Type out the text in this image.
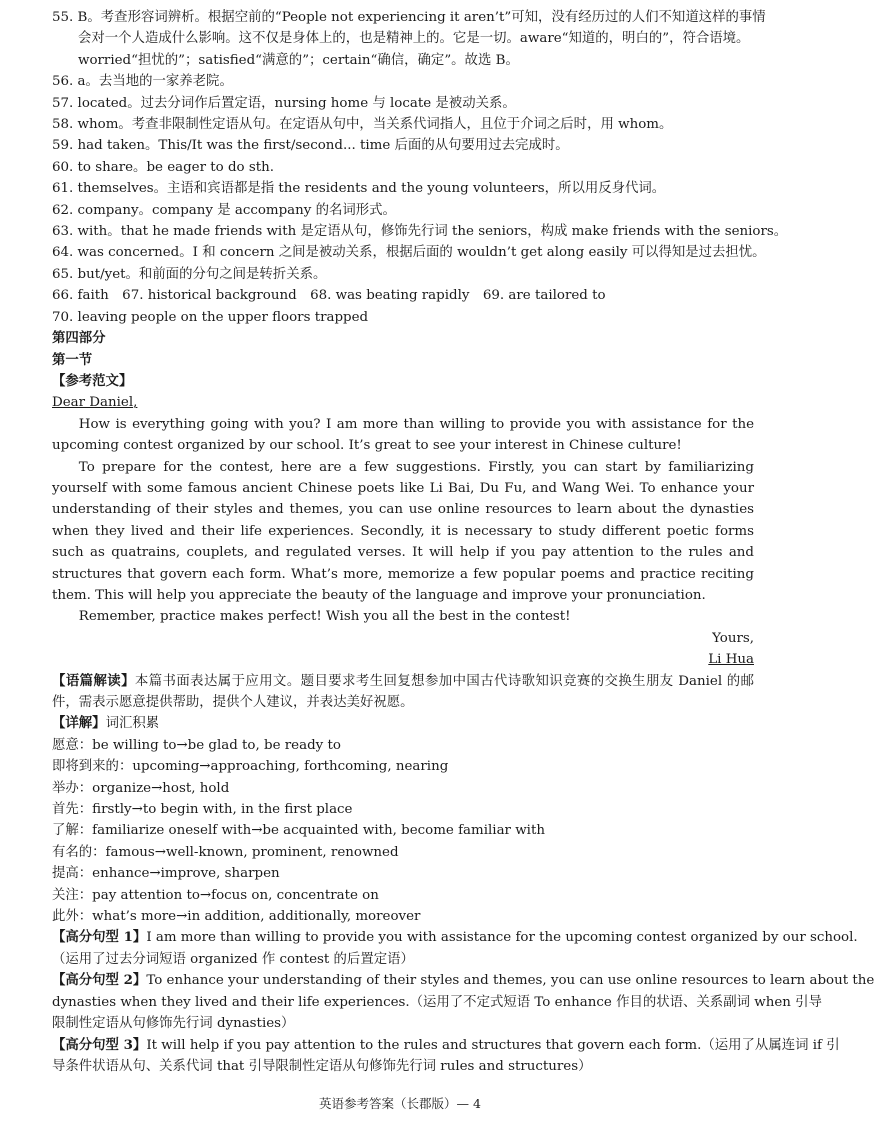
55. B。考查形容词辨析。根据空前的“People not experiencing it aren’t”可知，没有经历过的人们不知道这样的事情
会对一个人造成什么影响。这不仅是身体上的，也是精神上的。它是一切。aware“知道的，明白的”，符合语境。
worried“担忧的”；satisfied“满意的”；certain“确信，确定”。故选 B。
56. a。去当地的一家养老院。
57. located。过去分词作后置定语，nursing home 与 locate 是被动关系。
58. whom。考查非限制性定语从句。在定语从句中，当关系代词指人，且位于介词之后时，用 whom。
59. had taken。This/It was the first/second... time 后面的从句要用过去完成时。
60. to share。be eager to do sth.
61. themselves。主语和宾语都是指 the residents and the young volunteers，所以用反身代词。
62. company。company 是 accompany 的名词形式。
63. with。that he made friends with 是定语从句，修饰先行词 the seniors，构成 make friends with the seniors。
64. was concerned。I 和 concern 之间是被动关系，根据后面的 wouldn’t get along easily 可以得知是过去担忧。
65. but/yet。和前面的分句之间是转折关系。
66. faith　67. historical background　68. was beating rapidly　69. are tailored to
70. leaving people on the upper floors trapped
第四部分
第一节
【参考范文】
Dear Daniel,
How is everything going with you? I am more than willing to provide you with assistance for the upcoming contest organized by our school. It’s great to see your interest in Chinese culture!
To prepare for the contest, here are a few suggestions. Firstly, you can start by familiarizing yourself with some famous ancient Chinese poets like Li Bai, Du Fu, and Wang Wei. To enhance your understanding of their styles and themes, you can use online resources to learn about the dynasties when they lived and their life experiences. Secondly, it is necessary to study different poetic forms such as quatrains, couplets, and regulated verses. It will help if you pay attention to the rules and structures that govern each form. What’s more, memorize a few popular poems and practice reciting them. This will help you appreciate the beauty of the language and improve your pronunciation.
Remember, practice makes perfect! Wish you all the best in the contest!
Yours,
Li Hua
【语篇解读】本篇书面表达属于应用文。题目要求考生回复想参加中国古代诗歌知识竞赛的交换生朋友 Daniel 的邮件，需表示愿意提供帮助，提供个人建议，并表达美好祝愿。
【详解】词汇积累
愿意：be willing to→be glad to, be ready to
即将到来的：upcoming→approaching, forthcoming, nearing
举办：organize→host, hold
首先：firstly→to begin with, in the first place
了解：familiarize oneself with→be acquainted with, become familiar with
有名的：famous→well-known, prominent, renowned
提高：enhance→improve, sharpen
关注：pay attention to→focus on, concentrate on
此外：what’s more→in addition, additionally, moreover
【高分句型 1】I am more than willing to provide you with assistance for the upcoming contest organized by our school.
（运用了过去分词短语 organized 作 contest 的后置定语）
【高分句型 2】To enhance your understanding of their styles and themes, you can use online resources to learn about the
dynasties when they lived and their life experiences.（运用了不定式短语 To enhance 作目的状语、关系副词 when 引导
限制性定语从句修饰先行词 dynasties）
【高分句型 3】It will help if you pay attention to the rules and structures that govern each form.（运用了从属连词 if 引
导条件状语从句、关系代词 that 引导限制性定语从句修饰先行词 rules and structures）
英语参考答案（长郡版）— 4
